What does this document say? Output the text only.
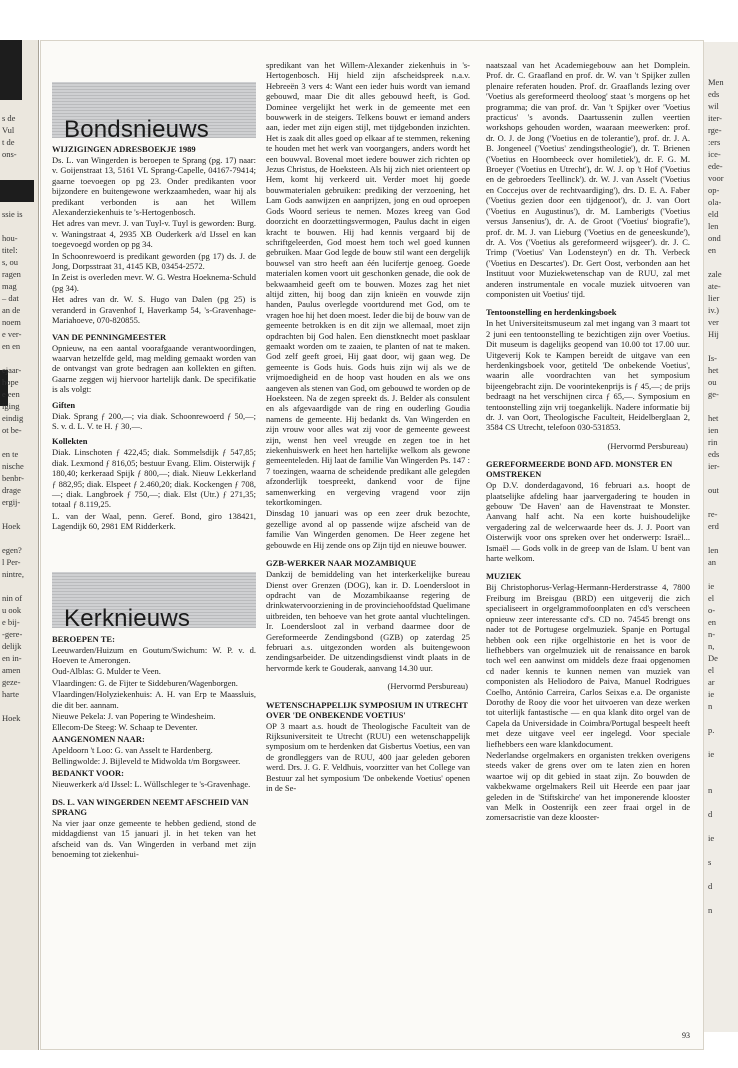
s de
Vul
t de
ons-
ssie is
hou-
titel:
s, ou
ragen
mag
– dat
an de
noem
e ver-
en en
ejaar-
hope
e een
iging
eindig
ot be-
en te
nische
benbr-
drage
ergij-
Hoek
egen?
l Per-
nintre,
nin of
u ook
e bij-
-gere-
delijk
en in-
amen
geze-
harte
Hoek
Men
eds
wil
iter-
rge-
:ers
ice-
ede-
voor
op-
ola-
eld
len
ond
en
zale
ate-
lier
iv.)
ver
Hij
Is-
het
ou
ge-
het
ien
rin
eds
ier-
out
re-
erd
len
an
ie
el
o-
en
n-
n,
De
el
ar
ie
n
p.
ie
n
d
ie
s
d
n
Bondsnieuws
WIJZIGINGEN ADRESBOEKJE 1989

Ds. L. van Wingerden is beroepen te Sprang (pg. 17) naar: v. Goijenstraat 13, 5161 VL Sprang-Capelle, 04167-79414; gaarne toevoegen op pg 23. Onder predikanten voor bijzondere en buitengewone werkzaamheden, waar hij als predikant verbonden is aan het Willem Alexanderziekenhuis te 's-Hertogenbosch.

Het adres van mevr. J. van Tuyl-v. Tuyl is geworden: Burg. v. Waningstraat 4, 2935 XB Ouderkerk a/d IJssel en kan toegevoegd worden op pg 34.

In Schoonrewoerd is predikant geworden (pg 17) ds. J. de Jong, Dorpsstraat 31, 4145 KB, 03454-2572.

In Zeist is overleden mevr. W. G. Westra Hoeknema-Schuld (pg 34).

Het adres van dr. W. S. Hugo van Dalen (pg 25) is veranderd in Gravenhof I, Haverkamp 54, 's-Gravenhage-Mariahoeve, 070-820855.

VAN DE PENNINGMEESTER

Opnieuw, na een aantal voorafgaande verantwoordingen, waarvan hetzelfde geld, mag melding gemaakt worden van de ontvangst van grote bedragen aan kollekten en giften. Gaarne zeggen wij hiervoor hartelijk dank. De specifikatie is als volgt:

Giften

Diak. Sprang ƒ 200,—; via diak. Schoonrewoerd ƒ 50,—; S. v. d. L. V. te H. ƒ 30,—.

Kollekten

Diak. Linschoten ƒ 422,45; diak. Sommelsdijk ƒ 547,85; diak. Lexmond ƒ 816,05; bestuur Evang. Elim. Oisterwijk ƒ 180,40; kerkeraad Spijk ƒ 800,—; diak. Nieuw Lekkerland ƒ 882,95; diak. Elspeet ƒ 2.460,20; diak. Kockengen ƒ 708,—; diak. Langbroek ƒ 750,—; diak. Elst (Utr.) ƒ 271,35; totaal ƒ 8.119,25.

L. van der Waal, penn. Geref. Bond, giro 138421, Lagendijk 60, 2981 EM Ridderkerk.

Kerknieuws
BEROEPEN TE:

Leeuwarden/Huizum en Goutum/Swichum: W. P. v. d. Hoeven te Amerongen.

Oud-Alblas: G. Mulder te Veen.

Vlaardingen: G. de Fijter te Siddeburen/Wagenborgen.

Vlaardingen/Holyziekenhuis: A. H. van Erp te Maassluis, die dit ber. aannam.

Nieuwe Pekela: J. van Popering te Windesheim.

Ellecom-De Steeg: W. Schaap te Deventer.

AANGENOMEN NAAR:

Apeldoorn 't Loo: G. van Asselt te Hardenberg.

Bellingwolde: J. Bijleveld te Midwolda t/m Borgsweer.

BEDANKT VOOR:

Nieuwerkerk a/d IJssel: L. Wüllschleger te 's-Gravenhage.

DS. L. VAN WINGERDEN NEEMT AFSCHEID VAN SPRANG

Na vier jaar onze gemeente te hebben gediend, stond de middagdienst van 15 januari jl. in het teken van het afscheid van ds. Van Wingerden in verband met zijn benoeming tot ziekenhui-

spredikant van het Willem-Alexander ziekenhuis in 's-Hertogenbosch. Hij hield zijn afscheidspreek n.a.v. Hebreeën 3 vers 4: Want een ieder huis wordt van iemand gebouwd, maar Die dit alles gebouwd heeft, is God. Dominee vergelijkt het werk in de gemeente met een bouwwerk in de steigers. Telkens bouwt er iemand anders aan, ieder met zijn eigen stijl, met tijdgebonden inzichten. Het is zaak dit alles goed op elkaar af te stemmen, rekening te houden met het werk van voorgangers, anders wordt het een bouwval. Bovenal moet iedere bouwer zich richten op Jezus Christus, de Hoeksteen. Als hij zich niet orienteert op Hem, komt hij verkeerd uit. Verder moet hij goede bouwmaterialen gebruiken: prediking der verzoening, het Lam Gods aanwijzen en aanprijzen, jong en oud oproepen Gods Woord serieus te nemen. Mozes kreeg van God doorzicht en doorzettingsvermogen, Paulus dacht in eigen kracht te bouwen. Hij had kennis vergaard bij de schriftgeleerden, God moest hem toch wel goed kunnen gebruiken. Maar God legde de bouw stil want een dergelijk bouwsel van stro heeft aan één lucifertje genoeg. Goede materialen komen voort uit geschonken genade, die ook de bekwaamheid geeft om te bouwen. Mozes zag het niet altijd zitten, hij boog dan zijn knieën en vouwde zijn handen, Paulus overlegde voortdurend met God, om te vragen hoe hij het doen moest. Ieder die bij de bouw van de gemeente betrokken is en dit zijn we allemaal, moet zijn opdrachten bij God halen. Een dienstknecht moet pasklaar gemaakt worden om te zaaien, te planten of nat te maken. God zelf geeft groei, Hij gaat door, wij gaan weg. De gemeente is Gods huis. Gods huis zijn wij als we de vrijmoedigheid en de hoop vast houden en als we ons aangeven als stenen van God, om gebouwd te worden op de Hoeksteen. Na de zegen spreekt ds. J. Belder als consulent en als afgevaardigde van de ring en ouderling Goudia namens de gemeente. Hij bedankt ds. Van Wingerden en zijn vrouw voor alles wat zij voor de gemeente geweest zijn, wenst hen veel vreugde en zegen toe in het ziekenhuiswerk en heet hen hartelijke welkom als gewone gemeenteleden. Hij laat de familie Van Wingerden Ps. 147 : 7 toezingen, waarna de scheidende predikant alle gelegden afzonderlijk toespreekt, dankend voor de fijne samenwerking en vergeving vragend voor zijn tekortkomingen.

Dinsdag 10 januari was op een zeer druk bezochte, gezellige avond al op passende wijze afscheid van de familie Van Wingerden genomen. De Heer zegene het gebouwde en Hij zende ons op Zijn tijd en nieuwe bouwer.

GZB-WERKER NAAR MOZAMBIQUE

Dankzij de bemiddeling van het interkerkelijke bureau Dienst over Grenzen (DOG), kan ir. D. Loendersloot in opdracht van de Mozambikaanse regering de drinkwatervoorziening in de provinciehoofdstad Quelimane uitbreiden, ten behoeve van het grote aantal vluchtelingen. Ir. Loendersloot zal in verband daarmee door de Gereformeerde Zendingsbond (GZB) op zaterdag 25 februari a.s. uitgezonden worden als buitengewoon zendingsarbeider. De uitzendingsdienst vindt plaats in de hervormde kerk te Gouderak, aanvang 14.30 uur.

(Hervormd Persbureau)

WETENSCHAPPELIJK SYMPOSIUM IN UTRECHT OVER 'DE ONBEKENDE VOETIUS'

OP 3 maart a.s. houdt de Theologische Faculteit van de Rijksuniversiteit te Utrecht (RUU) een wetenschappelijk symposium om te herdenken dat Gisbertus Voetius, een van de grondleggers van de RUU, 400 jaar geleden geboren werd. Drs. J. G. F. Veldhuis, voorzitter van het College van Bestuur zal het symposium 'De onbekende Voetius' openen in de Se-

naatszaal van het Academiegebouw aan het Domplein. Prof. dr. C. Graafland en prof. dr. W. van 't Spijker zullen plenaire referaten houden. Prof. dr. Graaflands lezing over 'Voetius als gereformeerd theoloog' staat 's morgens op het programma; die van prof. dr. Van 't Spijker over 'Voetius practicus' 's avonds. Daartussenin zullen veertien workshops gehouden worden, waaraan meewerken: prof. dr. O. J. de Jong ('Voetius en de tolerantie'), prof. dr. J. A. B. Jongeneel ('Voetius' zendingstheologie'), dr. T. Brienen ('Voetius en Hoornbeeck over homiletiek'), dr. F. G. M. Broeyer ('Voetius en Utrecht'), dr. W. J. op 't Hof ('Voetius en de gebroeders Teellinck'). dr. W. J. van Asselt ('Voetius en Coccejus over de rechtvaardiging'), drs. D. E. A. Faber ('Voetius gezien door een tijdgenoot'), dr. J. van Oort ('Voetius en Augustinus'), dr. M. Lamberigts ('Voetius versus Jansenius'), dr. A. de Groot ('Voetius' biografie'), prof. dr. M. J. van Lieburg ('Voetius en de geneeskunde'), dr. A. Vos ('Voetius als gereformeerd wijsgeer'). dr. J. C. Trimp ('Voetius' Van Lodensteyn') en dr. Th. Verbeck ('Voetius en Descartes'). Dr. Gert Oost, verbonden aan het Instituut voor Muziekwetenschap van de RUU, zal met anderen instrumentale en vocale muziek uitvoeren van componisten uit Voetius' tijd.

Tentoonstelling en herdenkingsboek

In het Universiteitsmuseum zal met ingang van 3 maart tot 2 juni een tentoonstelling te bezichtigen zijn over Voetius. Dit museum is dagelijks geopend van 10.00 tot 17.00 uur. Uitgeverij Kok te Kampen bereidt de uitgave van een herdenkingsboek voor, getiteld 'De onbekende Voetius', waarin alle voordrachten van het symposium bijeengebracht zijn. De voorintekenprijs is ƒ 45,—; de prijs bedraagt na het verschijnen circa ƒ 65,—. Symposium en tentoonstelling zijn vrij toegankelijk. Nadere informatie bij dr. J. van Oort, Theologische Faculteit, Heidelberglaan 2, 3584 CS Utrecht, telefoon 030-531853.

(Hervormd Persbureau)

GEREFORMEERDE BOND AFD. MONSTER EN OMSTREKEN

Op D.V. donderdagavond, 16 februari a.s. hoopt de plaatselijke afdeling haar jaarvergadering te houden in gebouw 'De Haven' aan de Havenstraat te Monster. Aanvang half acht. Na een korte huishoudelijke vergadering zal de welcerwaarde heer ds. J. J. Poort van Oisterwijk voor ons spreken over het onderwerp: Israël... Ismaël — Gods volk in de greep van de Islam. U bent van harte welkom.

MUZIEK

Bij Christophorus-Verlag-Hermann-Herderstrasse 4, 7800 Freiburg im Breisgau (BRD) een uitgeverij die zich specialiseert in orgelgrammofoonplaten en cd's verscheen opnieuw zeer interessante cd's. CD no. 74545 brengt ons nader tot de Portugese orgelmuziek. Spanje en Portugal hebben ook een rijke orgelhistorie en het is voor de liefhebbers van orgelmuziek uit de renaissance en barok toch wel een aanwinst om middels deze fraai opgenomen cd nader kennis te kunnen nemen van muziek van componisten als Heliodoro de Paiva, Manuel Rodrigues Coelho, António Carreira, Carlos Seixas e.a. De organiste Dorothy de Rooy die voor het uitvoeren van deze werken tot uiterlijk fantastische — en qua klank dito orgel van de Capela da Universidade in Coimbra/Portugal bespeelt heeft met deze uitgave veel eer ingelegd. Voor speciale liefhebbers een ware klankdocument.

Nederlandse orgelmakers en organisten trekken overigens steeds vaker de grens over om te laten zien en horen waartoe wij op dit gebied in staat zijn. Zo bouwden de vakbekwame orgelmakers Reil uit Heerde een paar jaar geleden in de 'Stiftskirche' van het imponerende klooster van Melk in Oostenrijk een zeer fraai orgel in de zomersacristie van deze klooster-

93
